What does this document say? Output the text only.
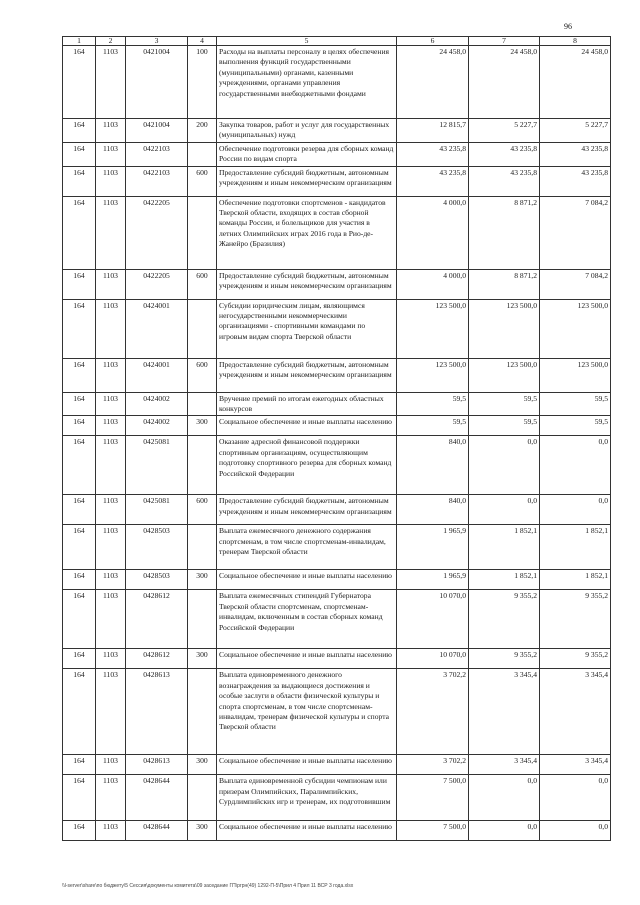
96
1	2	3	4	5	6	7	8
164	1103	0421004	100	Расходы на выплаты персоналу в целях обеспечения выполнения функций государственными (муниципальными) органами, казенными учреждениями, органами управления государственными внебюджетными фондами	24 458,0	24 458,0	24 458,0
164	1103	0421004	200	Закупка товаров, работ и услуг для государственных (муниципальных) нужд	12 815,7	5 227,7	5 227,7
164	1103	0422103		Обеспечение подготовки резерва для сборных команд России по видам спорта	43 235,8	43 235,8	43 235,8
164	1103	0422103	600	Предоставление субсидий бюджетным, автономным учреждениям и иным некоммерческим организациям	43 235,8	43 235,8	43 235,8
164	1103	0422205		Обеспечение подготовки спортсменов - кандидатов Тверской области, входящих в состав сборной команды России, и болельщиков для участия в летних Олимпийских играх 2016 года в Рио-де-Жанейро (Бразилия)	4 000,0	8 871,2	7 084,2
164	1103	0422205	600	Предоставление субсидий бюджетным, автономным учреждениям и иным некоммерческим организациям	4 000,0	8 871,2	7 084,2
164	1103	0424001		Субсидии юридическим лицам, являющимся негосударственными некоммерческими организациями - спортивными командами по игровым видам спорта Тверской области	123 500,0	123 500,0	123 500,0
164	1103	0424001	600	Предоставление субсидий бюджетным, автономным учреждениям и иным некоммерческим организациям	123 500,0	123 500,0	123 500,0
164	1103	0424002		Вручение премий по итогам ежегодных областных конкурсов	59,5	59,5	59,5
164	1103	0424002	300	Социальное обеспечение и иные выплаты населению	59,5	59,5	59,5
164	1103	0425081		Оказание адресной финансовой поддержки спортивным организациям, осуществляющим подготовку спортивного резерва для сборных команд Российской Федерации	840,0	0,0	0,0
164	1103	0425081	600	Предоставление субсидий бюджетным, автономным учреждениям и иным некоммерческим организациям	840,0	0,0	0,0
164	1103	0428503		Выплата ежемесячного денежного содержания спортсменам, в том числе спортсменам-инвалидам, тренерам Тверской области	1 965,9	1 852,1	1 852,1
164	1103	0428503	300	Социальное обеспечение и иные выплаты населению	1 965,9	1 852,1	1 852,1
164	1103	0428612		Выплата ежемесячных стипендий Губернатора Тверской области спортсменам, спортсменам-инвалидам, включенным в состав сборных команд Российской Федерации	10 070,0	9 355,2	9 355,2
164	1103	0428612	300	Социальное обеспечение и иные выплаты населению	10 070,0	9 355,2	9 355,2
164	1103	0428613		Выплата единовременного денежного вознаграждения за выдающиеся достижения и особые заслуги в области физической культуры и спорта спортсменам, в том числе спортсменам-инвалидам, тренерам физической культуры и спорта Тверской области	3 702,2	3 345,4	3 345,4
164	1103	0428613	300	Социальное обеспечение и иные выплаты населению	3 702,2	3 345,4	3 345,4
164	1103	0428644		Выплата единовременной субсидии чемпионам или призерам Олимпийских, Паралимпийских, Сурдлимпийских игр и тренерам, их подготовившим	7 500,0	0,0	0,0
164	1103	0428644	300	Социальное обеспечение и иные выплаты населению	7 500,0	0,0	0,0
\\l-server\share\по бюджету\5 Сессия\документы комитета\09 заседание ГП\ргрн(49) 1292-П-5\Прил 4 Прил 11 ВСР 3 года.xlsx
